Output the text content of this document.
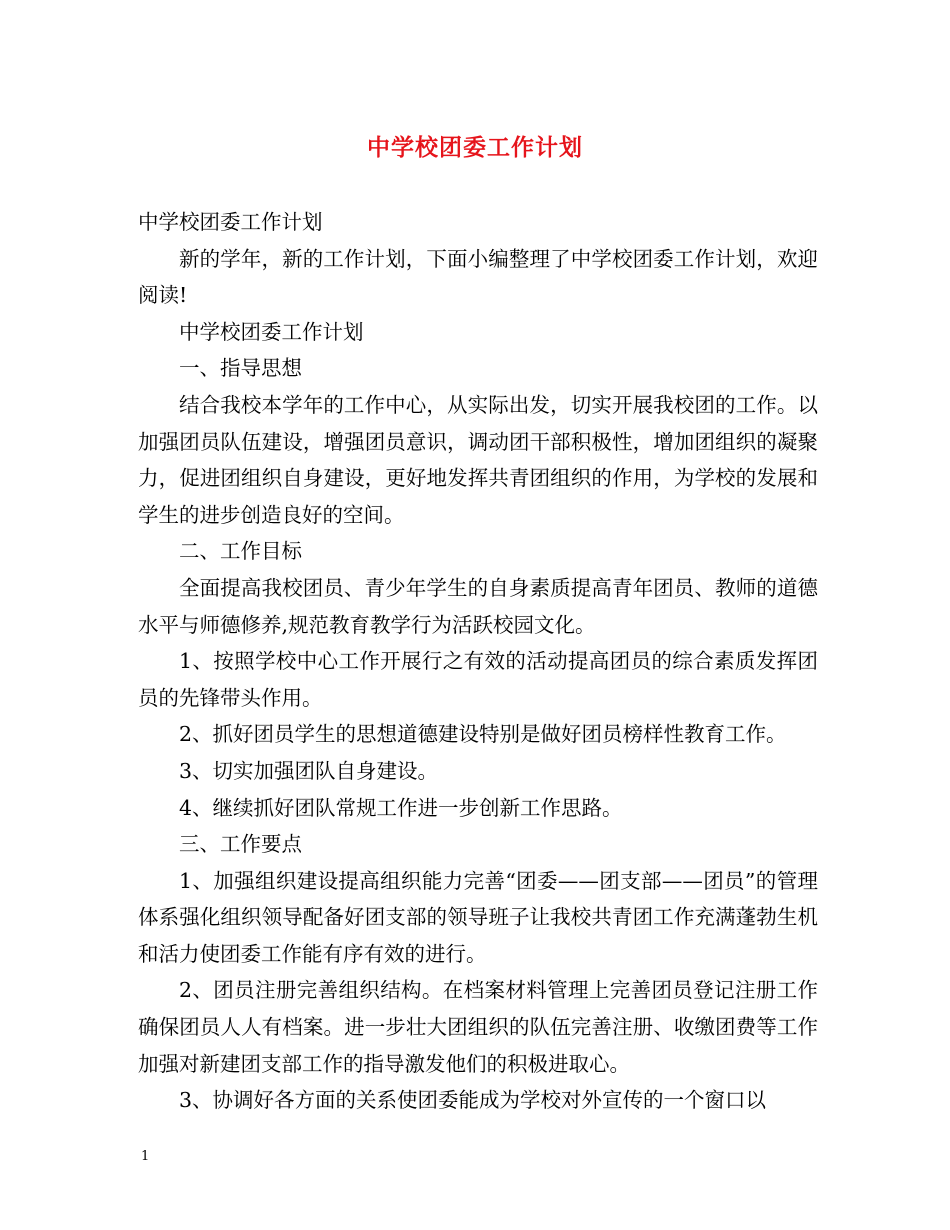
中学校团委工作计划

中学校团委工作计划

新的学年，新的工作计划，下面小编整理了中学校团委工作计划，欢迎阅读!

中学校团委工作计划

一、指导思想

结合我校本学年的工作中心，从实际出发，切实开展我校团的工作。以加强团员队伍建设，增强团员意识，调动团干部积极性，增加团组织的凝聚力，促进团组织自身建设，更好地发挥共青团组织的作用，为学校的发展和学生的进步创造良好的空间。

二、工作目标

全面提高我校团员、青少年学生的自身素质提高青年团员、教师的道德水平与师德修养,规范教育教学行为活跃校园文化。

1、按照学校中心工作开展行之有效的活动提高团员的综合素质发挥团员的先锋带头作用。

2、抓好团员学生的思想道德建设特别是做好团员榜样性教育工作。

3、切实加强团队自身建设。

4、继续抓好团队常规工作进一步创新工作思路。

三、工作要点

1、加强组织建设提高组织能力完善“团委——团支部——团员”的管理体系强化组织领导配备好团支部的领导班子让我校共青团工作充满蓬勃生机和活力使团委工作能有序有效的进行。

2、团员注册完善组织结构。在档案材料管理上完善团员登记注册工作确保团员人人有档案。进一步壮大团组织的队伍完善注册、收缴团费等工作加强对新建团支部工作的指导激发他们的积极进取心。

3、协调好各方面的关系使团委能成为学校对外宣传的一个窗口以

1
